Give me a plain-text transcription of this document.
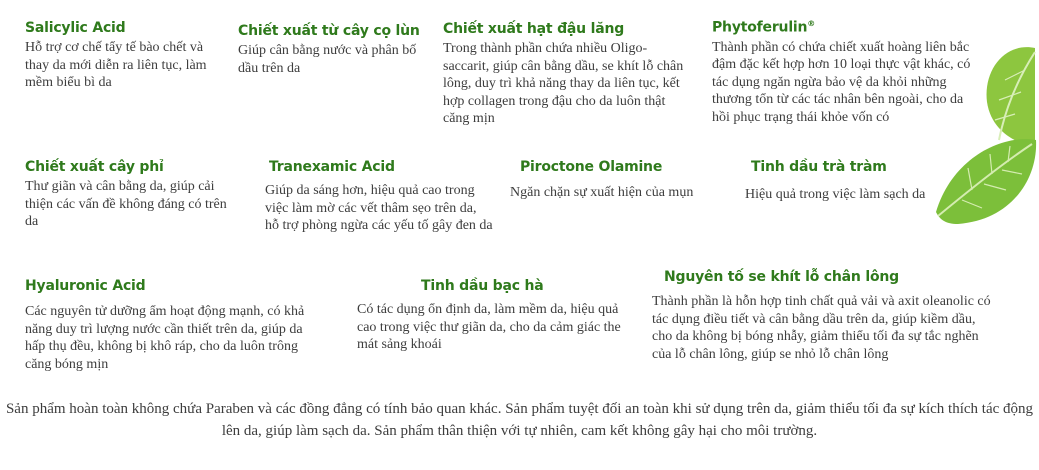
Salicylic Acid
Hỗ trợ cơ chế tẩy tế bào chết và thay da mới diễn ra liên tục, làm mềm biểu bì da
Chiết xuất từ cây cọ lùn
Giúp cân bằng nước và phân bố dầu trên da
Chiết xuất hạt đậu lăng
Trong thành phần chứa nhiều Oligo-saccarit, giúp cân bằng dầu, se khít lỗ chân lông, duy trì khả năng thay da liên tục, kết hợp collagen trong đậu cho da luôn thật căng mịn
Phytoferulin®
Thành phần có chứa chiết xuất hoàng liên bắc đậm đặc kết hợp hơn 10 loại thực vật khác, có tác dụng ngăn ngừa bảo vệ da khỏi những thương tổn từ các tác nhân bên ngoài, cho da hồi phục trạng thái khỏe vốn có
Chiết xuất cây phỉ
Thư giãn và cân bằng da, giúp cải thiện các vấn đề không đáng có trên da
Tranexamic Acid
Giúp da sáng hơn, hiệu quả cao trong việc làm mờ các vết thâm sẹo trên da, hỗ trợ phòng ngừa các yếu tố gây đen da
Piroctone Olamine
Ngăn chặn sự xuất hiện của mụn
Tinh dầu trà tràm
Hiệu quả trong việc làm sạch da
Hyaluronic Acid
Các nguyên tử dưỡng ẩm hoạt động mạnh, có khả năng duy trì lượng nước cần thiết trên da, giúp da hấp thụ đều, không bị khô ráp, cho da luôn trông căng bóng mịn
Tinh dầu bạc hà
Có tác dụng ổn định da, làm mềm da, hiệu quả cao trong việc thư giãn da, cho da cảm giác the mát sảng khoái
Nguyên tố se khít lỗ chân lông
Thành phần là hỗn hợp tinh chất quả vải và axit oleanolic có tác dụng điều tiết và cân bằng dầu trên da, giúp kiềm dầu, cho da không bị bóng nhẫy, giảm thiểu tối đa sự tắc nghẽn của lỗ chân lông, giúp se nhỏ lỗ chân lông
Sản phẩm hoàn toàn không chứa Paraben và các đồng đẳng có tính bảo quan khác. Sản phẩm tuyệt đối an toàn khi sử dụng trên da, giảm thiểu tối đa sự kích thích tác động lên da, giúp làm sạch da. Sản phẩm thân thiện với tự nhiên, cam kết không gây hại cho môi trường.
